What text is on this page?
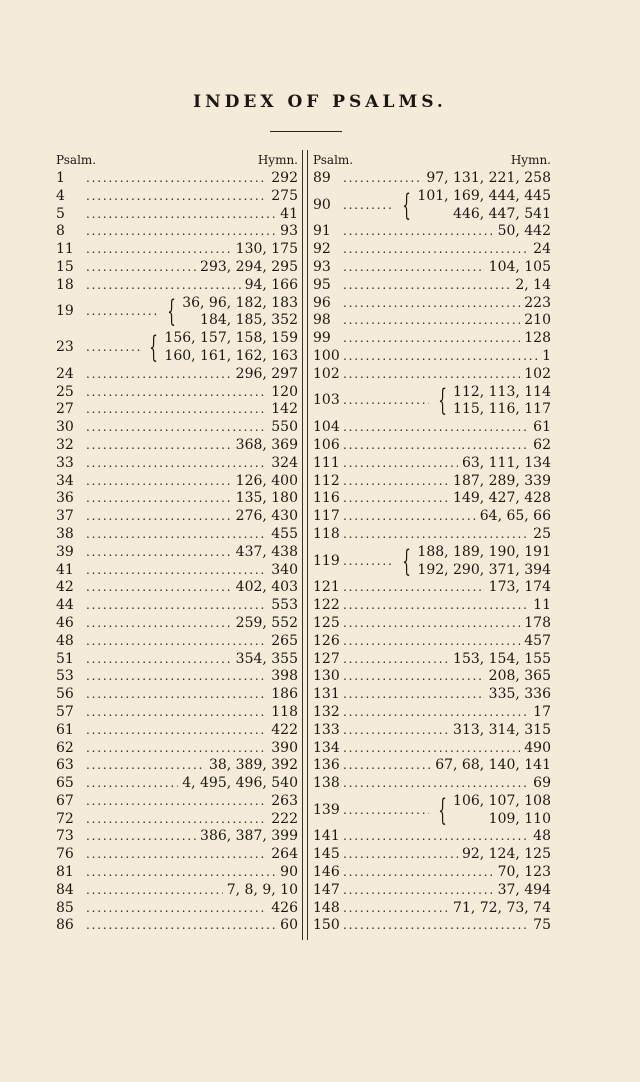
INDEX OF PSALMS.
Psalm.	Hymn.
1 . . .	292
4 . . .	275
5 . . .	41
8 . . .	93
11 . . .	130, 175
15 . . .	293, 294, 295
18 . . .	94, 166
19 . . .	{ 36, 96, 182, 183
184, 185, 352
23 . . .	{ 156, 157, 158, 159
160, 161, 162, 163
24 . . .	296, 297
25 . . .	120
27 . . .	142
30 . . .	550
32 . . .	368, 369
33 . . .	324
34 . . .	126, 400
36 . . .	135, 180
37 . . .	276, 430
38 . . .	455
39 . . .	437, 438
41 . . .	340
42 . . .	402, 403
44 . . .	553
46 . . .	259, 552
48 . . .	265
51 . . .	354, 355
53 . . .	398
56 . . .	186
57 . . .	118
61 . . .	422
62 . . .	390
63 . . .	38, 389, 392
65 . . .	4, 495, 496, 540
67 . . .	263
72 . . .	222
73 . . .	386, 387, 399
76 . . .	264
81 . . .	90
84 . . .	7, 8, 9, 10
85 . . .	426
86 . . .	60
Psalm.	Hymn.
89 . . .	97, 131, 221, 258
90 . . . { 101, 169, 444, 445
446, 447, 541
91 . . .	50, 442
92 . . .	24
93 . . .	104, 105
95 . . .	2, 14
96 . . .	223
98 . . .	210
99 . . .	128
100 . . .	1
102 . . .	102
103 . . .	{ 112, 113, 114
115, 116, 117
104 . . .	61
106 . . .	62
111 . . .	63, 111, 134
112 . . .	187, 289, 339
116 . . .	149, 427, 428
117 . . .	64, 65, 66
118 . . .	25
119 . . . { 188, 189, 190, 191
192, 290, 371, 394
121 . . .	173, 174
122 . . .	11
125 . . .	178
126 . . .	457
127 . . .	153, 154, 155
130 . . .	208, 365
131 . . .	335, 336
132 . . .	17
133 . . .	313, 314, 315
134 . . .	490
136 . . .	67, 68, 140, 141
138 . . .	69
139 . . .	{ 106, 107, 108
109, 110
141 . . .	48
145 . . .	92, 124, 125
146 . . .	70, 123
147 . . .	37, 494
148 . . .	71, 72, 73, 74
150 . . .	75
